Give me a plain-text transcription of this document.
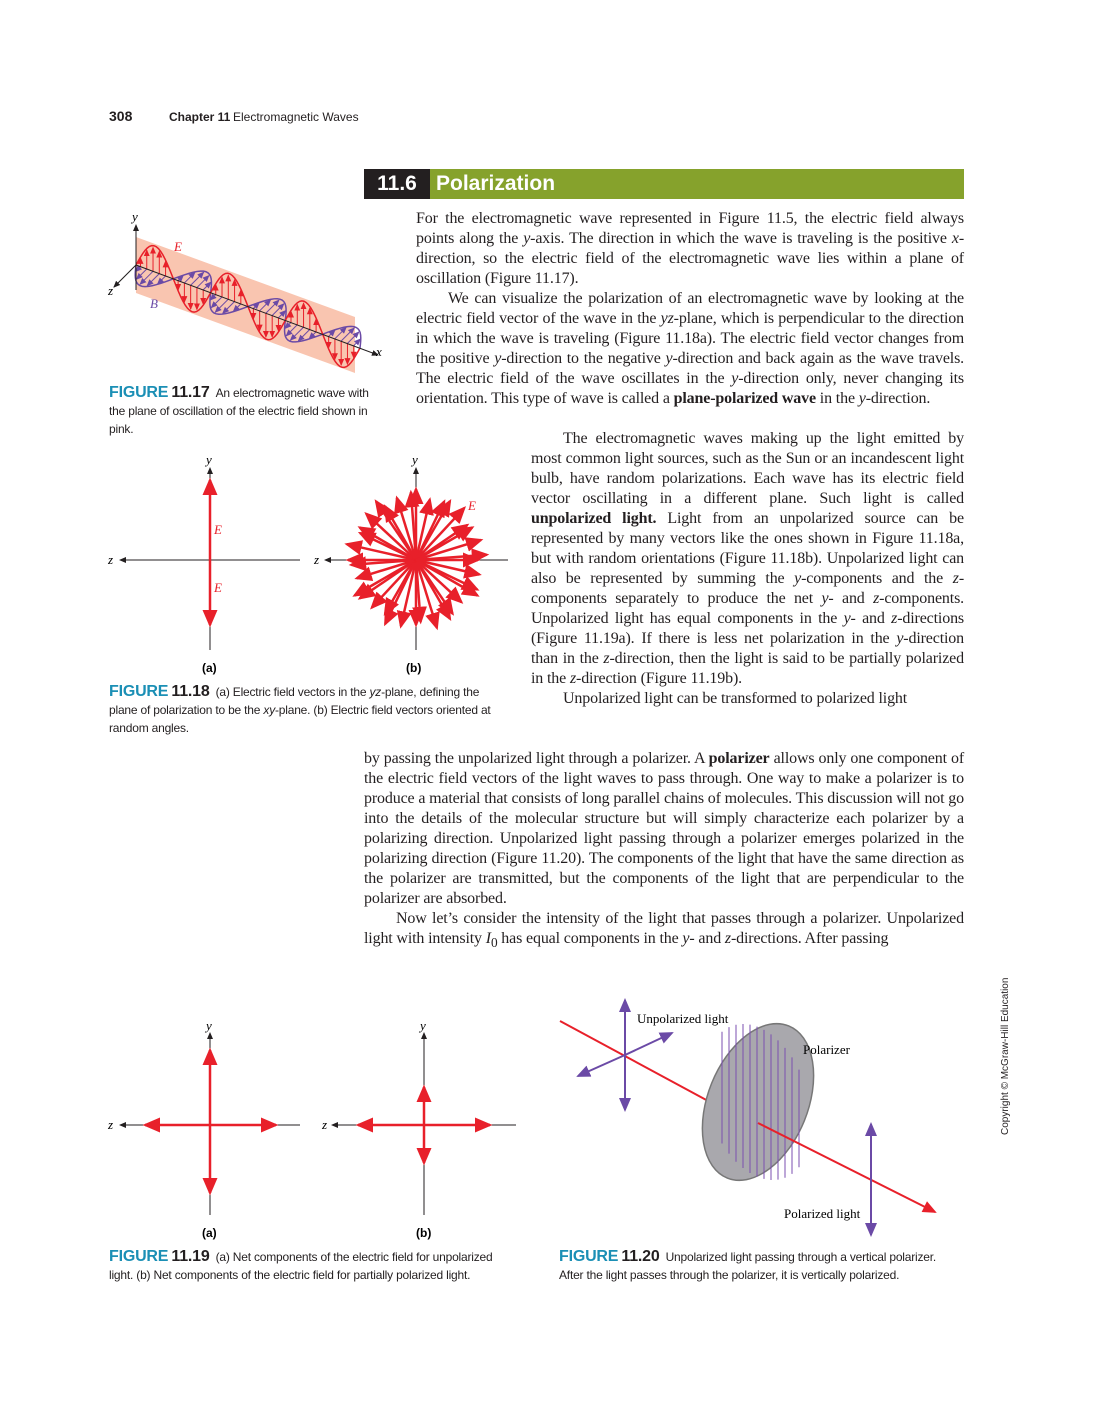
308	Chapter 11 Electromagnetic Waves
11.6 Polarization

For the electromagnetic wave represented in Figure 11.5, the electric field always points along the y-axis. The direction in which the wave is traveling is the positive x-direction, so the electric field of the electromagnetic wave lies within a plane of oscillation (Figure 11.17).

We can visualize the polarization of an electromagnetic wave by looking at the electric field vector of the wave in the yz-plane, which is perpendicular to the direction in which the wave is traveling (Figure 11.18a). The electric field vector changes from the positive y-direction to the negative y-direction and back again as the wave travels. The electric field of the wave oscillates in the y-direction only, never changing its orientation. This type of wave is called a plane-polarized wave in the y-direction.

The electromagnetic waves making up the light emitted by most common light sources, such as the Sun or an incandescent light bulb, have random polarizations. Each wave has its electric field vector oscillating in a different plane. Such light is called unpolarized light. Light from an unpolarized source can be represented by many vectors like the ones shown in Figure 11.18a, but with random orientations (Figure 11.18b). Unpolarized light can also be represented by summing the y-components and the z-components separately to produce the net y- and z-components. Unpolarized light has equal components in the y- and z-directions (Figure 11.19a). If there is less net polarization in the y-direction than in the z-direction, then the light is said to be partially polarized in the z-direction (Figure 11.19b).

Unpolarized light can be transformed to polarized light

by passing the unpolarized light through a polarizer. A polarizer allows only one component of the electric field vectors of the light waves to pass through. One way to make a polarizer is to produce a material that consists of long parallel chains of molecules. This discussion will not go into the details of the molecular structure but will simply characterize each polarizer by a polarizing direction. Unpolarized light passing through a polarizer emerges polarized in the polarizing direction (Figure 11.20). The components of the light that have the same direction as the polarizer are transmitted, but the components of the light that are perpendicular to the polarizer are absorbed.

Now let’s consider the intensity of the light that passes through a polarizer. Unpolarized light with intensity $I_0$ has equal components in the y- and z-directions. After passing

y
z
x
E
B
FIGURE 11.17 An electromagnetic wave with the plane of oscillation of the electric field shown in pink.
y
z
E
E
(a)
y
z
E
(b)
FIGURE 11.18 (a) Electric field vectors in the yz-plane, defining the plane of polarization to be the xy-plane. (b) Electric field vectors oriented at random angles.
y
z
(a)
y
z
(b)
FIGURE 11.19 (a) Net components of the electric field for unpolarized light. (b) Net components of the electric field for partially polarized light.
Unpolarized light
Polarizer
Polarized light
FIGURE 11.20 Unpolarized light passing through a vertical polarizer. After the light passes through the polarizer, it is vertically polarized.
Copyright © McGraw-Hill Education
